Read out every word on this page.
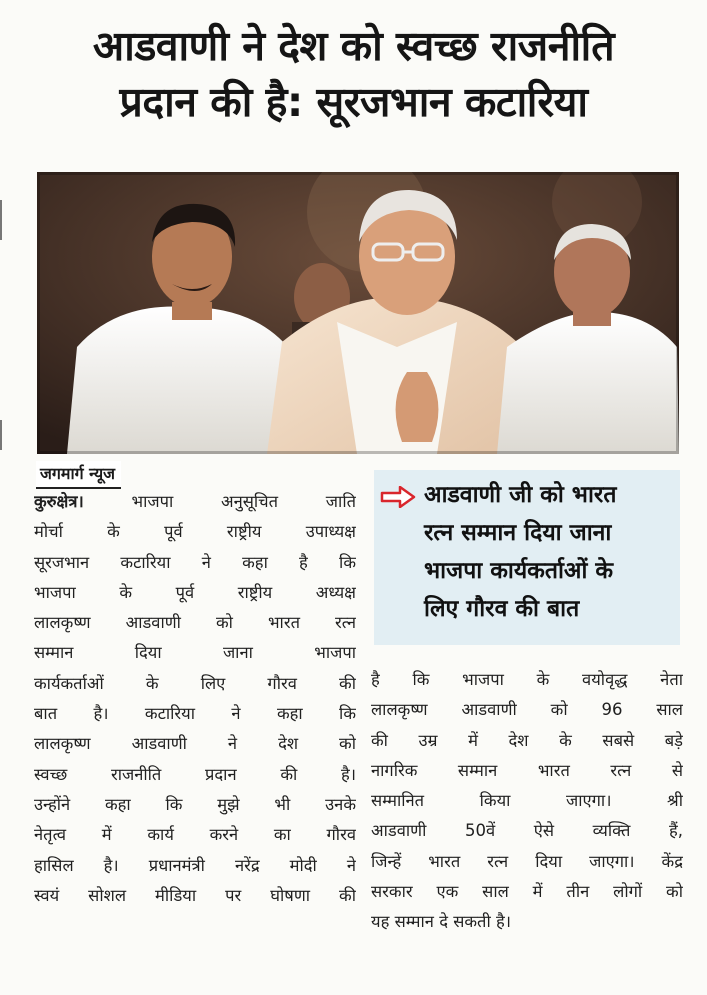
आडवाणी ने देश को स्वच्छ राजनीति
प्रदान की है: सूरजभान कटारिया
जगमार्ग न्यूज
कुरुक्षेत्र।	भाजपा अनुसूचित जाति
मोर्चा के पूर्व राष्ट्रीय उपाध्यक्ष
सूरजभान कटारिया ने कहा है कि
भाजपा के पूर्व राष्ट्रीय अध्यक्ष
लालकृष्ण आडवाणी को भारत रत्न
सम्मान दिया जाना भाजपा
कार्यकर्ताओं के लिए गौरव की
बात है। कटारिया ने कहा कि
लालकृष्ण आडवाणी ने देश को
स्वच्छ राजनीति प्रदान की है।
उन्होंने कहा कि मुझे भी उनके
नेतृत्व में कार्य करने का गौरव
हासिल है। प्रधानमंत्री नरेंद्र मोदी ने
स्वयं सोशल मीडिया पर घोषणा की
आडवाणी जी को भारत
रत्न सम्मान दिया जाना
भाजपा कार्यकर्ताओं के
लिए गौरव की बात
है कि भाजपा के वयोवृद्ध नेता
लालकृष्ण आडवाणी को 96 साल
की उम्र में देश के सबसे बड़े
नागरिक सम्मान भारत रत्न से
सम्मानित किया जाएगा। श्री
आडवाणी 50वें ऐसे व्यक्ति हैं,
जिन्हें भारत रत्न दिया जाएगा। केंद्र
सरकार एक साल में तीन लोगों को
यह सम्मान दे सकती है।
